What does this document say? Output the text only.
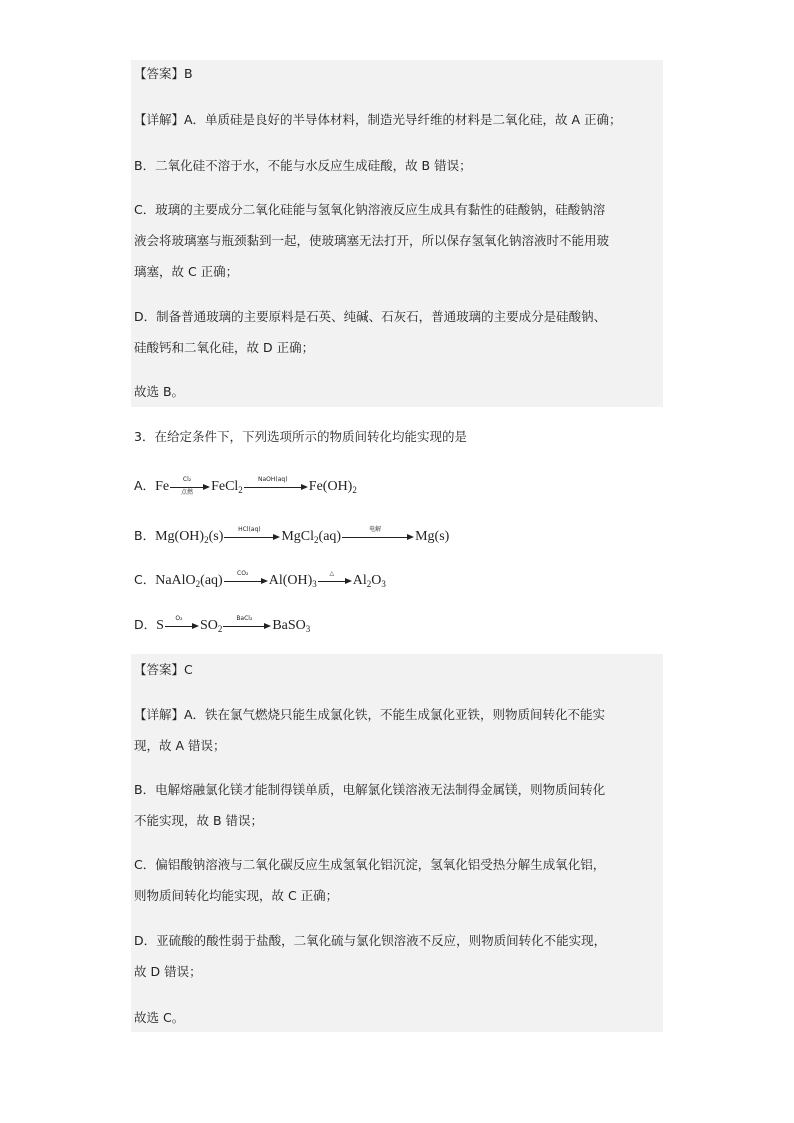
【答案】B
【详解】A．单质硅是良好的半导体材料，制造光导纤维的材料是二氧化硅，故 A 正确；
B．二氧化硅不溶于水，不能与水反应生成硅酸，故 B 错误；
C．玻璃的主要成分二氧化硅能与氢氧化钠溶液反应生成具有黏性的硅酸钠，硅酸钠溶
液会将玻璃塞与瓶颈黏到一起，使玻璃塞无法打开，所以保存氢氧化钠溶液时不能用玻
璃塞，故 C 正确；
D．制备普通玻璃的主要原料是石英、纯碱、石灰石，普通玻璃的主要成分是硅酸钠、
硅酸钙和二氧化硅，故 D 正确；
故选 B。
3．在给定条件下，下列选项所示的物质间转化均能实现的是
A．Fe	Cl₂
点燃	FeCl$_2$
NaOH(aq)	$Fe(OH)_2$
B．$Mg(OH)_2(s)$	HCl(aq)	MgCl$_2$(aq)	电解	Mg(s)
C．NaAlO$_2$(aq)	CO₂	$Al(OH)_3$
△	$Al_2O_3$
D．S	O₂	$SO_2$
BaCl₂	BaSO$_3$
【答案】C
【详解】A．铁在氯气燃烧只能生成氯化铁，不能生成氯化亚铁，则物质间转化不能实
现，故 A 错误；
B．电解熔融氯化镁才能制得镁单质，电解氯化镁溶液无法制得金属镁，则物质间转化
不能实现，故 B 错误；
C．偏铝酸钠溶液与二氧化碳反应生成氢氧化铝沉淀，氢氧化铝受热分解生成氧化铝，
则物质间转化均能实现，故 C 正确；
D．亚硫酸的酸性弱于盐酸，二氧化硫与氯化钡溶液不反应，则物质间转化不能实现，
故 D 错误；
故选 C。
